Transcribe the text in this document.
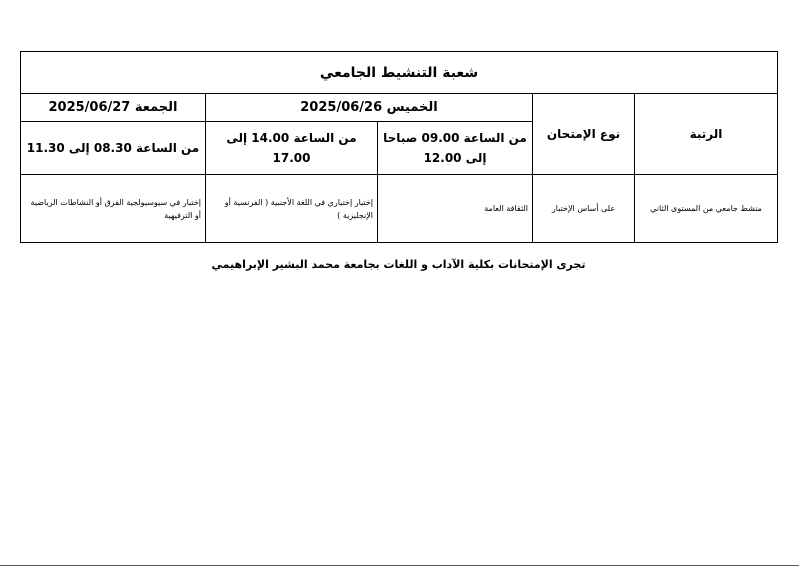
شعبة التنشيط الجامعي				
الرتبة	نوع الإمتحان	الخميس 2025/06/26		الجمعة 2025/06/27
		من الساعة 09.00 صباحا إلى 12.00	من الساعة 14.00 إلى 17.00	من الساعة 08.30 إلى 11.30
منشط جامعي من المستوى الثاني	على أساس الإختبار	الثقافة العامة	إختبار إختياري في اللغة الأجنبية ( الفرنسية أو الإنجليزية )	إختبار في سيوسيولجية الفرق أو النشاطات الرياضية أو الترفيهية
تجرى الإمتحانات بكلية الآداب و اللغات بجامعة محمد البشير الإبراهيمي
